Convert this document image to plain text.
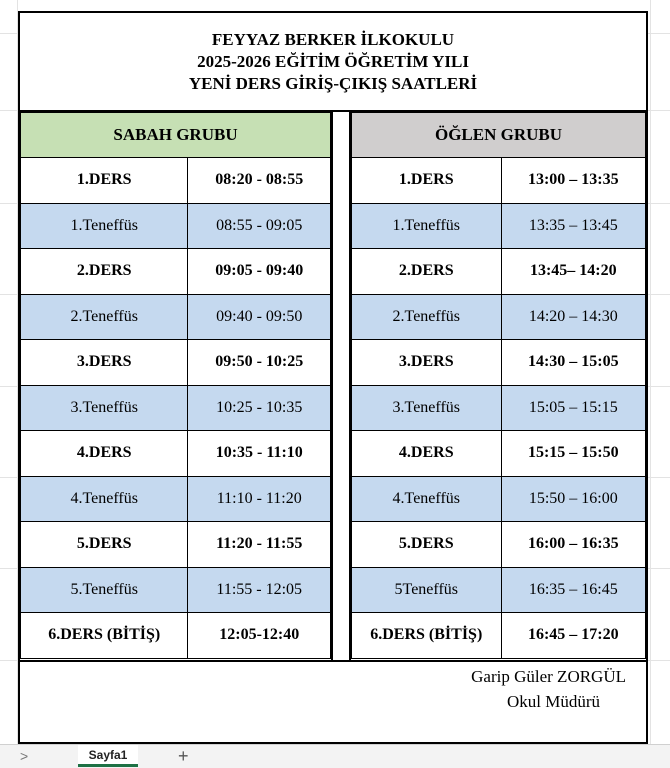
FEYYAZ BERKER İLKOKULU
2025-2026 EĞİTİM ÖĞRETİM YILI
YENİ DERS GİRİŞ-ÇIKIŞ SAATLERİ
SABAH GRUBU	
1.DERS	08:20 - 08:55
1.Teneffüs	08:55 - 09:05
2.DERS	09:05 - 09:40
2.Teneffüs	09:40 - 09:50
3.DERS	09:50 - 10:25
3.Teneffüs	10:25 - 10:35
4.DERS	10:35 - 11:10
4.Teneffüs	11:10 - 11:20
5.DERS	11:20 - 11:55
5.Teneffüs	11:55 - 12:05
6.DERS (BİTİŞ)	12:05-12:40
ÖĞLEN GRUBU	
1.DERS	13:00 – 13:35
1.Teneffüs	13:35 – 13:45
2.DERS	13:45– 14:20
2.Teneffüs	14:20 – 14:30
3.DERS	14:30 – 15:05
3.Teneffüs	15:05 – 15:15
4.DERS	15:15 – 15:50
4.Teneffüs	15:50 – 16:00
5.DERS	16:00 – 16:35
5Teneffüs	16:35 – 16:45
6.DERS (BİTİŞ)	16:45 – 17:20
Garip Güler ZORGÜL
Okul Müdürü
>	Sayfa1	+
